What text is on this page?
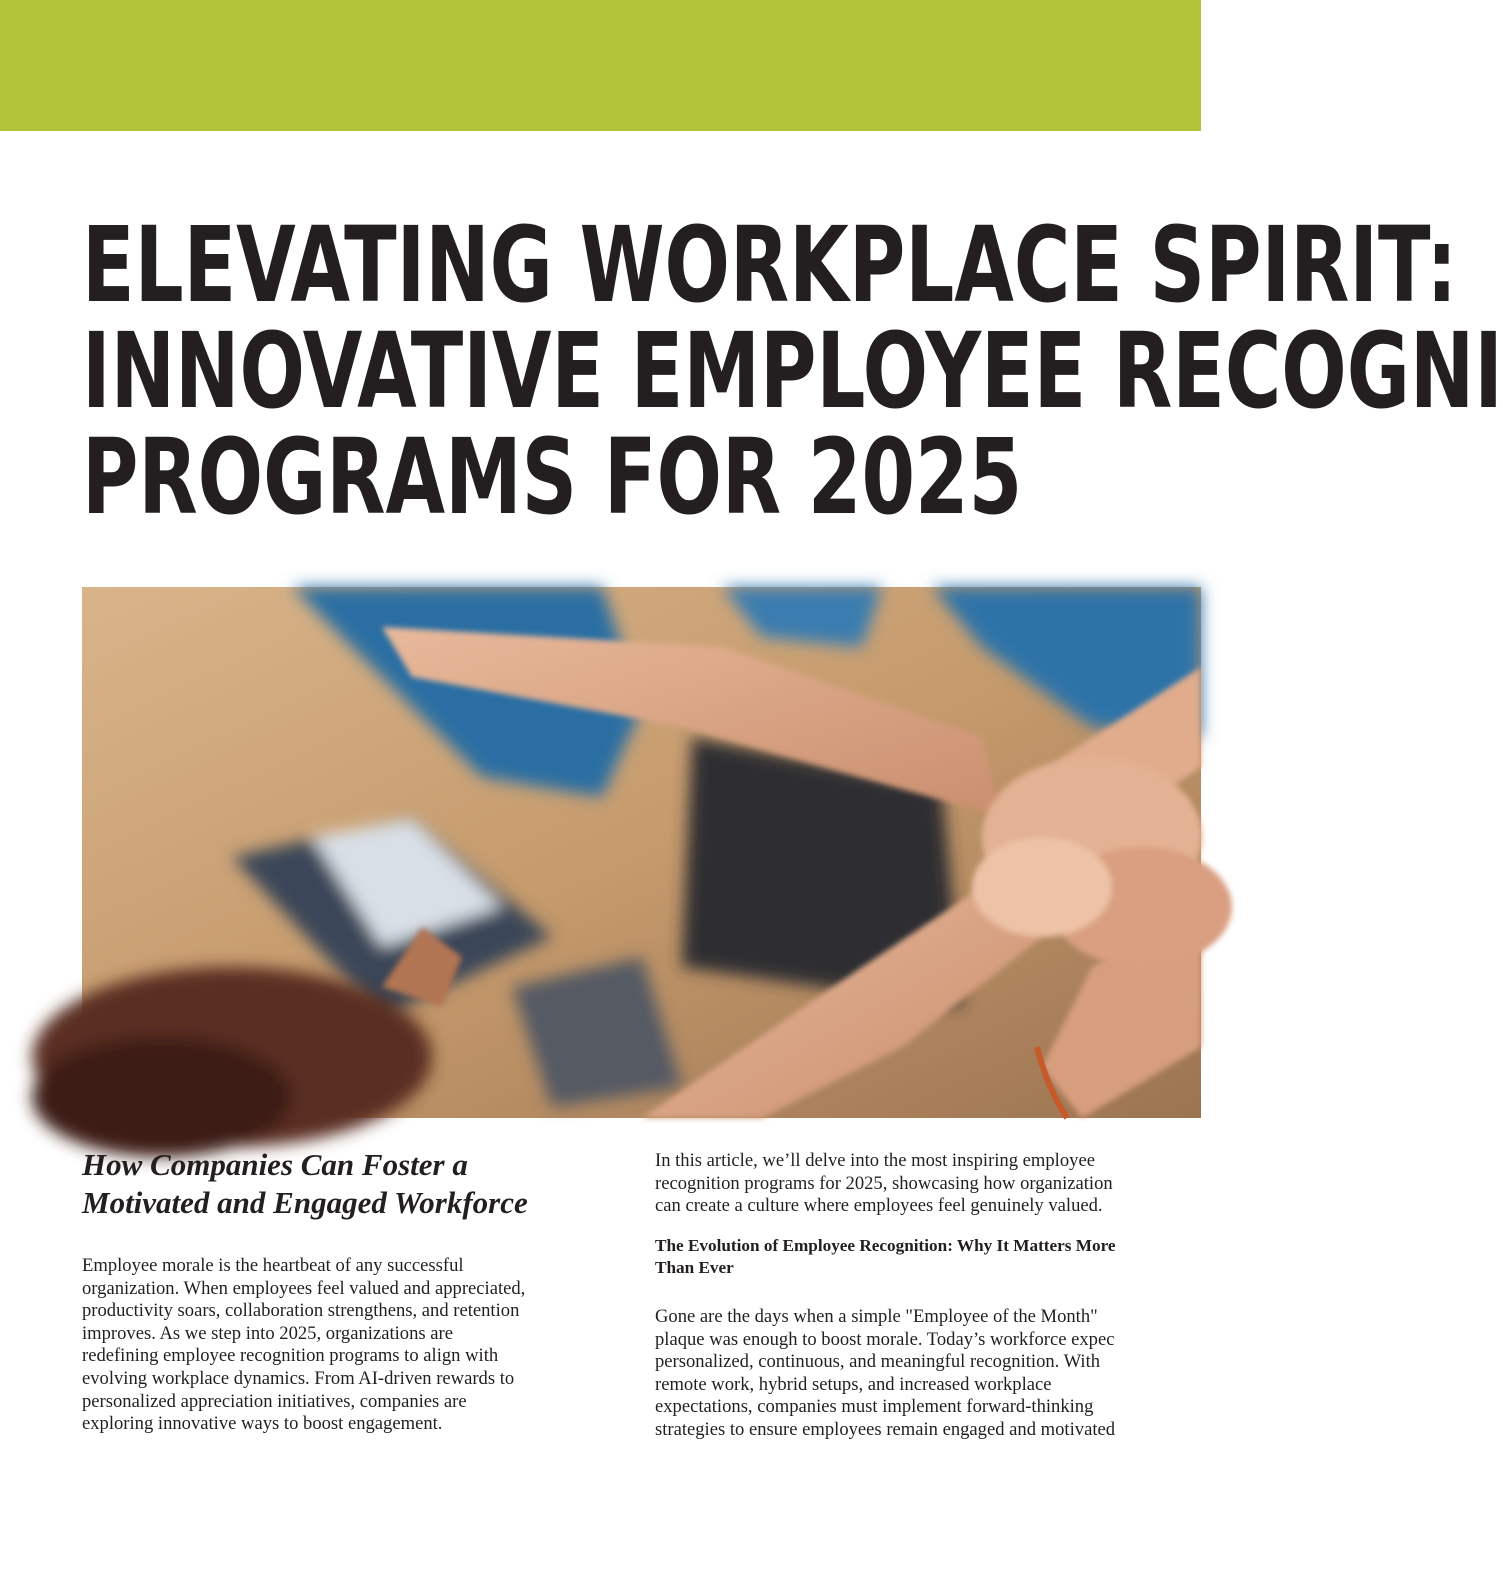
ELEVATING WORKPLACE SPIRIT:
INNOVATIVE EMPLOYEE RECOGNI
PROGRAMS FOR 2025
How Companies Can Foster a
Motivated and Engaged Workforce

Employee morale is the heartbeat of any successful
organization. When employees feel valued and appreciated,
productivity soars, collaboration strengthens, and retention
improves. As we step into 2025, organizations are
redefining employee recognition programs to align with
evolving workplace dynamics. From AI-driven rewards to
personalized appreciation initiatives, companies are
exploring innovative ways to boost engagement.

In this article, we’ll delve into the most inspiring employee
recognition programs for 2025, showcasing how organization
can create a culture where employees feel genuinely valued.

The Evolution of Employee Recognition: Why It Matters More
Than Ever

Gone are the days when a simple "Employee of the Month"
plaque was enough to boost morale. Today’s workforce expec
personalized, continuous, and meaningful recognition. With
remote work, hybrid setups, and increased workplace
expectations, companies must implement forward-thinking
strategies to ensure employees remain engaged and motivated
